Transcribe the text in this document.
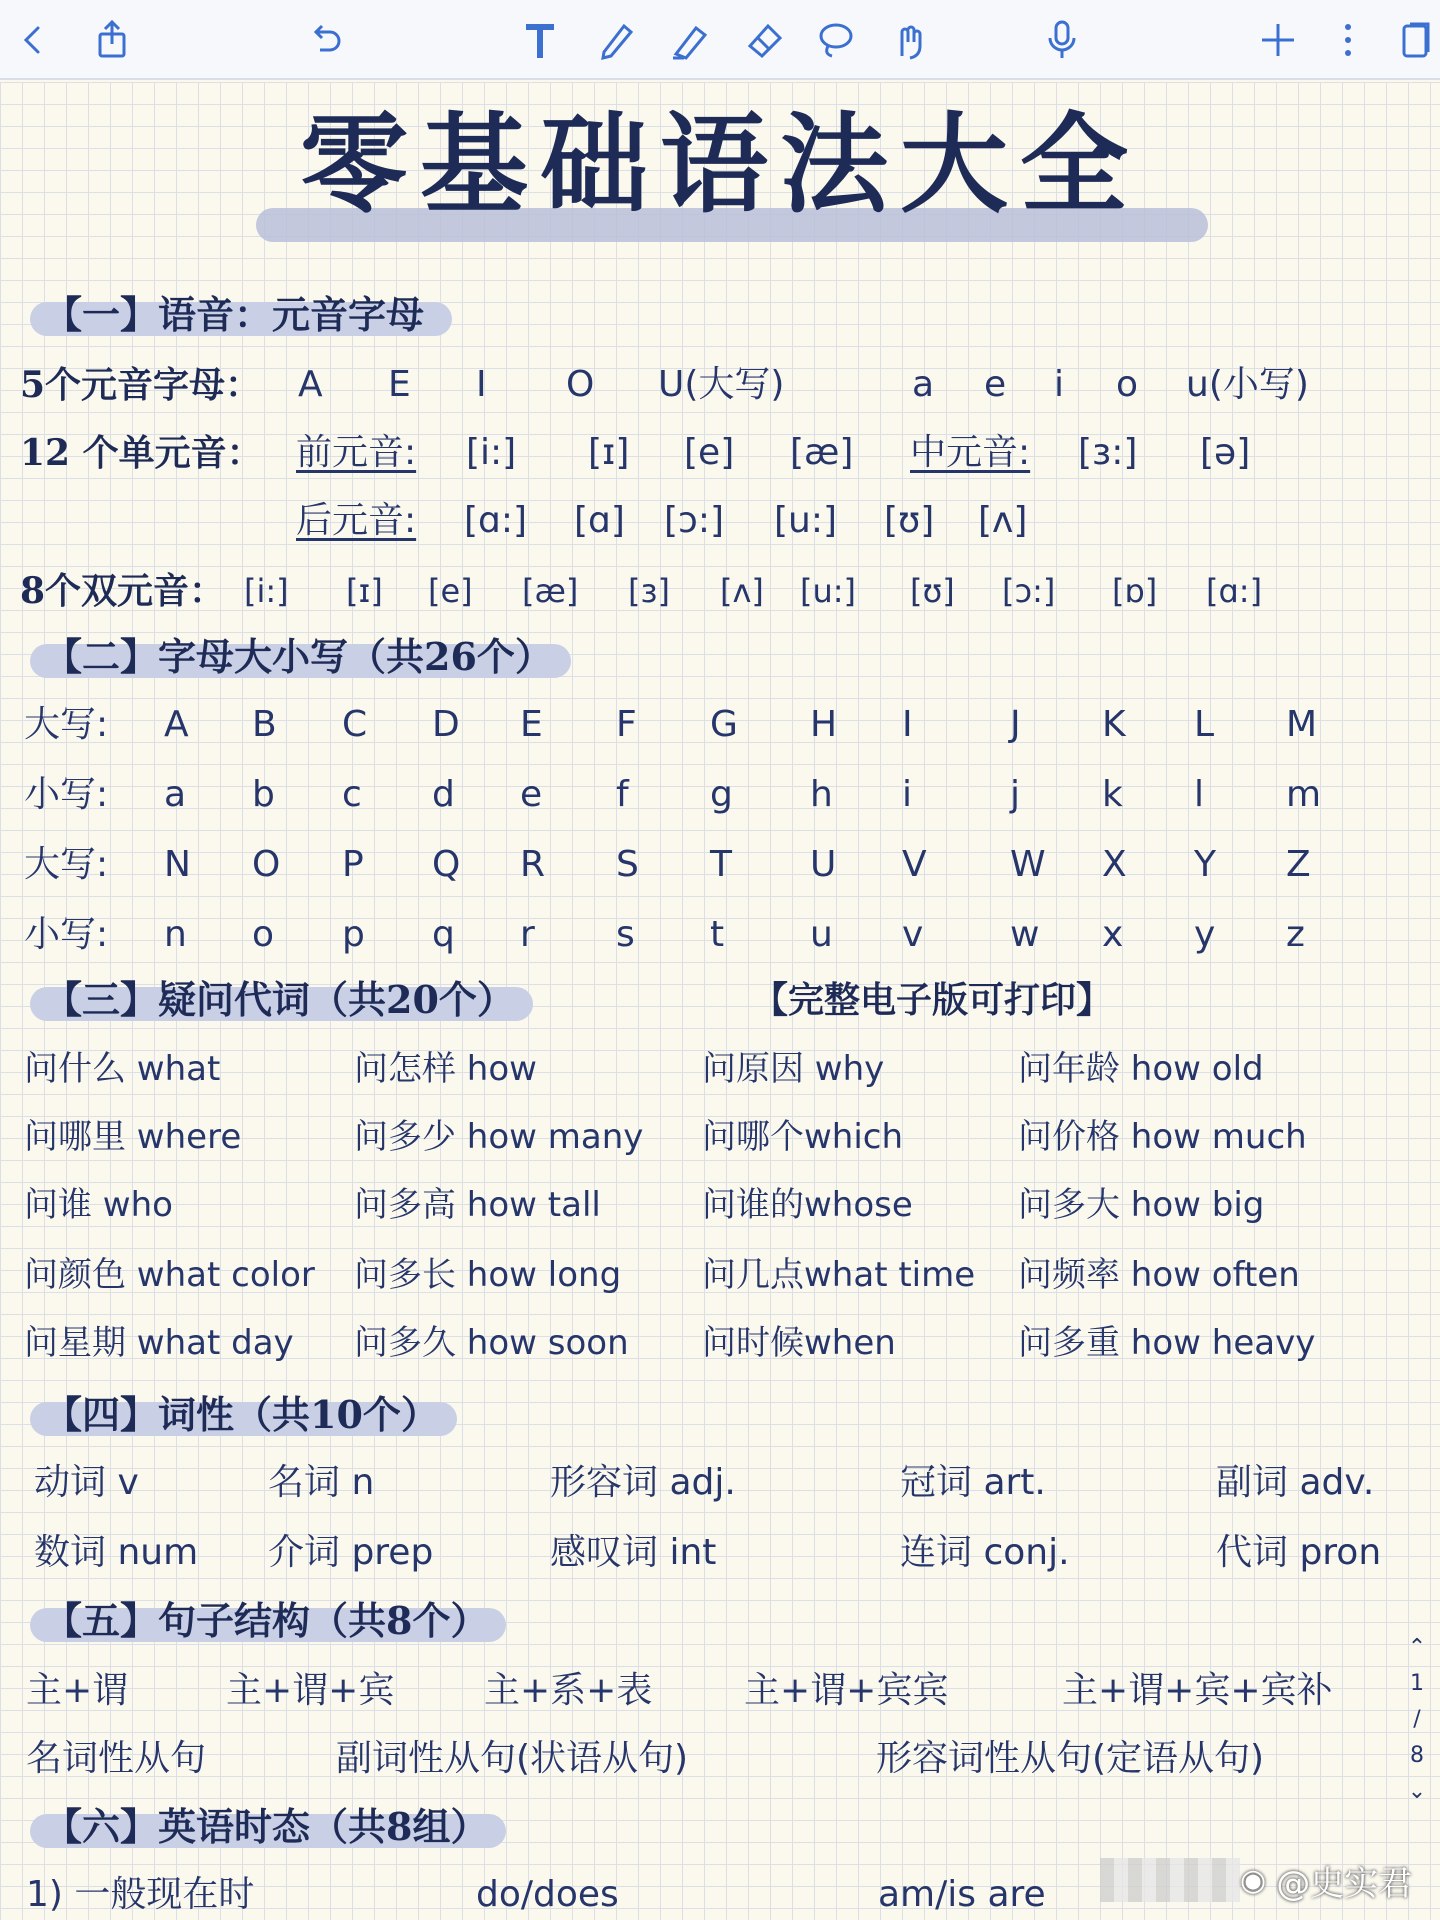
零基础语法大全
【一】语音：元音字母
5个元音字母： A E I O U(大写)	a e i o u(小写)
12 个单元音： 前元音: [i:] [ɪ] [e] [æ] 中元音: [ɜ:] [ə]
后元音: [ɑ:] [ɑ] [ɔ:] [u:] [ʊ] [ʌ]
8个双元音： [i:] [ɪ] [e] [æ] [ɜ] [ʌ] [u:] [ʊ] [ɔ:] [ɒ] [ɑ:]
【二】字母大小写（共26个）
大写: A B C D E F G H I	J K L M
小写: a b c d e f g h i	j k l m
大写: N O P Q R S T U V W X Y Z
小写: n o p q r s t u v w x y z
【三】疑问代词（共20个）	【完整电子版可打印】
问什么 what	问怎样 how	问原因 why	问年龄 how old
问哪里 where	问多少 how many 问哪个which	问价格 how much
问谁 who	问多高 how tall	问谁的whose	问多大 how big
问颜色 what color 问多长 how long 问几点what time 问频率 how often
问星期 what day 问多久 how soon 问时候when	问多重 how heavy
【四】词性（共10个）
动词 v	名词 n	形容词 adj.	冠词 art.	副词 adv.
数词 num 介词 prep	感叹词 int	连词 conj.	代词 pron
【五】句子结构（共8个）
主+谓	主+谓+宾 主+系+表	主+谓+宾宾	主+谓+宾+宾补
名词性从句	副词性从句(状语从句)	形容词性从句(定语从句)
【六】英语时态（共8组）
1) 一般现在时	do/does	am/is are
⌃
1
/
8
⌄
◉ @史实君
